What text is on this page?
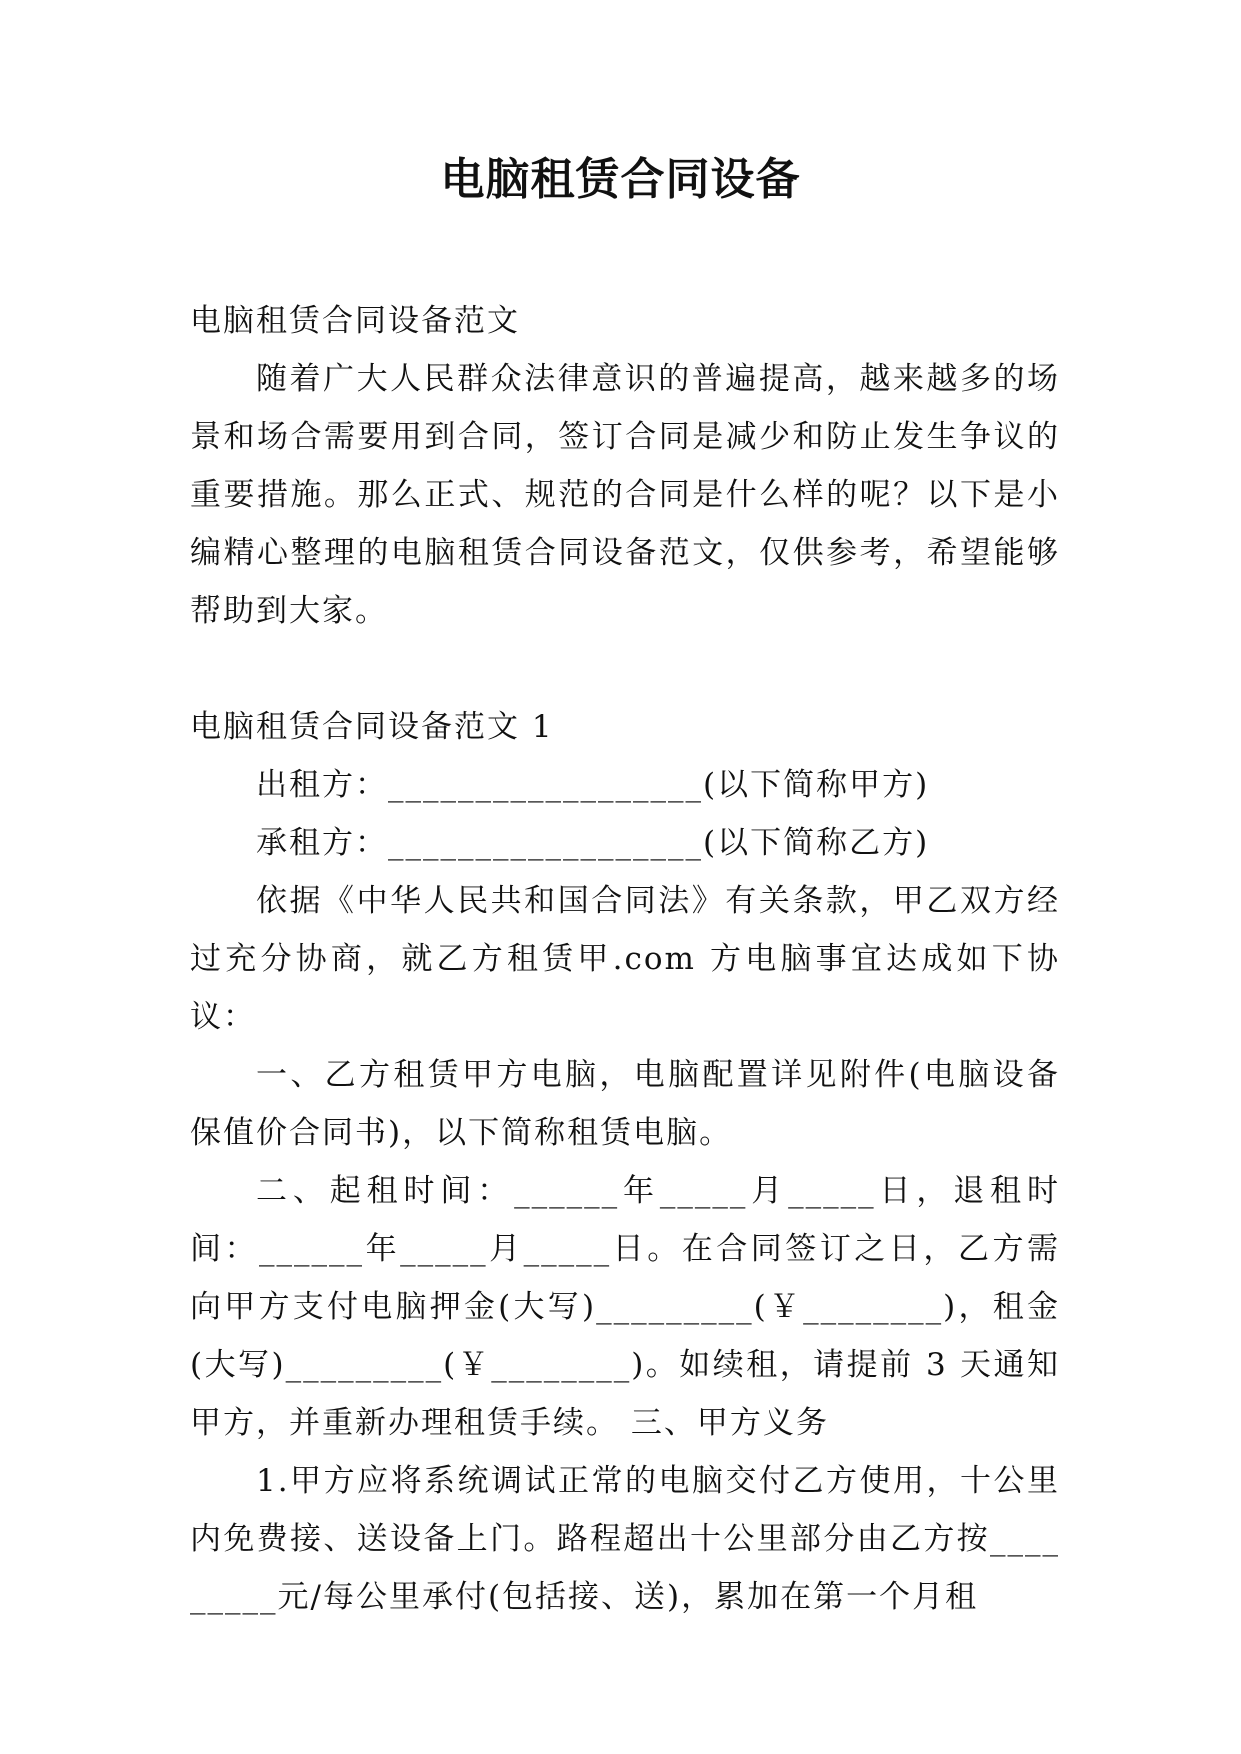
电脑租赁合同设备

电脑租赁合同设备范文

随着广大人民群众法律意识的普遍提高，越来越多的场景和场合需要用到合同，签订合同是减少和防止发生争议的重要措施。那么正式、规范的合同是什么样的呢？以下是小编精心整理的电脑租赁合同设备范文，仅供参考，希望能够帮助到大家。

电脑租赁合同设备范文 1

出租方：__________________(以下简称甲方)

承租方：__________________(以下简称乙方)

依据《中华人民共和国合同法》有关条款，甲乙双方经过充分协商，就乙方租赁甲.com 方电脑事宜达成如下协议：

一、乙方租赁甲方电脑，电脑配置详见附件(电脑设备保值价合同书)，以下简称租赁电脑。

二、起租时间：______年_____月_____日，退租时间：______年_____月_____日。在合同签订之日，乙方需向甲方支付电脑押金(大写)_________(￥________)，租金(大写)_________(￥________)。如续租，请提前 3 天通知甲方，并重新办理租赁手续。 三、甲方义务

1.甲方应将系统调试正常的电脑交付乙方使用，十公里内免费接、送设备上门。路程超出十公里部分由乙方按_________元/每公里承付(包括接、送)，累加在第一个月租
